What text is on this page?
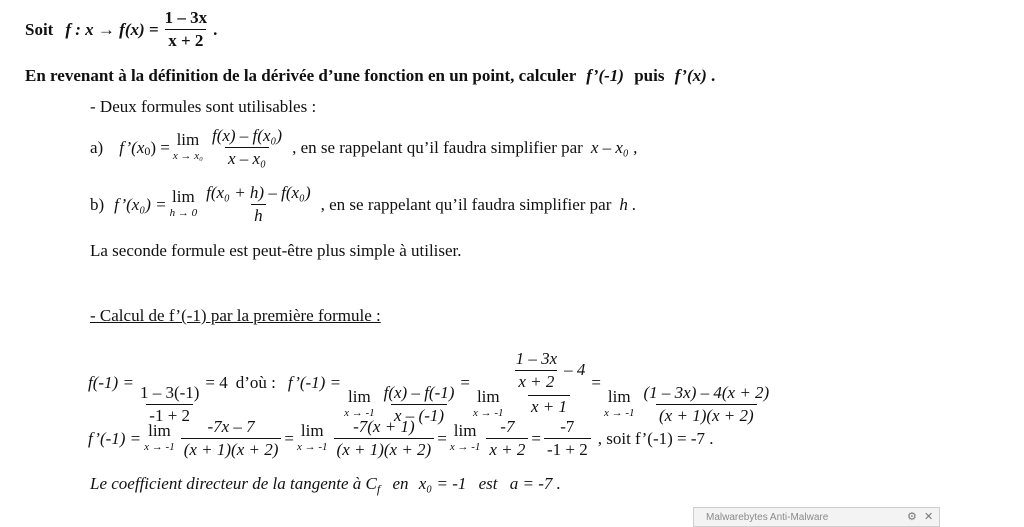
Soit f : $x \to f(x) = \frac{1 - 3x}{x + 2}$ .
En revenant à la définition de la dérivée d’une fonction en un point, calculer f’(-1) puis f’(x) .
- Deux formules sont utilisables :
a) f’(x 0 ) = lim
$x \to x_0 \frac{\text{f(x) – f(x₀)}}{\text{x – x₀}}$ , en se rappelant qu’il faudra simplifier par x – x₀ ,
b) f’(x₀) = lim
$h \to 0 \frac{\text{f(x₀ + h) – f(x₀)}}{h}$ , en se rappelant qu’il faudra simplifier par h .
La seconde formule est peut-être plus simple à utiliser.
- Calcul de f’(-1) par la première formule :
f(-1) =
$\frac{1 - 3(-1)}{-1 + 2}$
= 4 d’où : f’(-1) =
lim
$x \to -1 \frac{f(x) - f(-1)}{x - (-1)}$
=
lim
$x \to -1 \frac{\frac{1 - 3x}{x + 2} - 4}{x + 1}$ =
lim
$x \to -1 \frac{(1 - 3x) - 4(x + 2)}{(x + 1)(x + 2)}$
f’(-1) = lim
$x \to -1 \frac{-7x - 7}{(x + 1)(x + 2)} = \lim$
$x \to -1 \frac{-7(x + 1)}{(x + 1)(x + 2)} = \lim$
$x \to -1 \frac{-7}{x + 2} = \frac{-7}{-1 + 2}$ , soit f’(-1) = -7 .
Le coefficient directeur de la tangente à $C_f$ en x₀ = -1 est a = -7 .
Malwarebytes Anti-Malware	⚙ ✕
